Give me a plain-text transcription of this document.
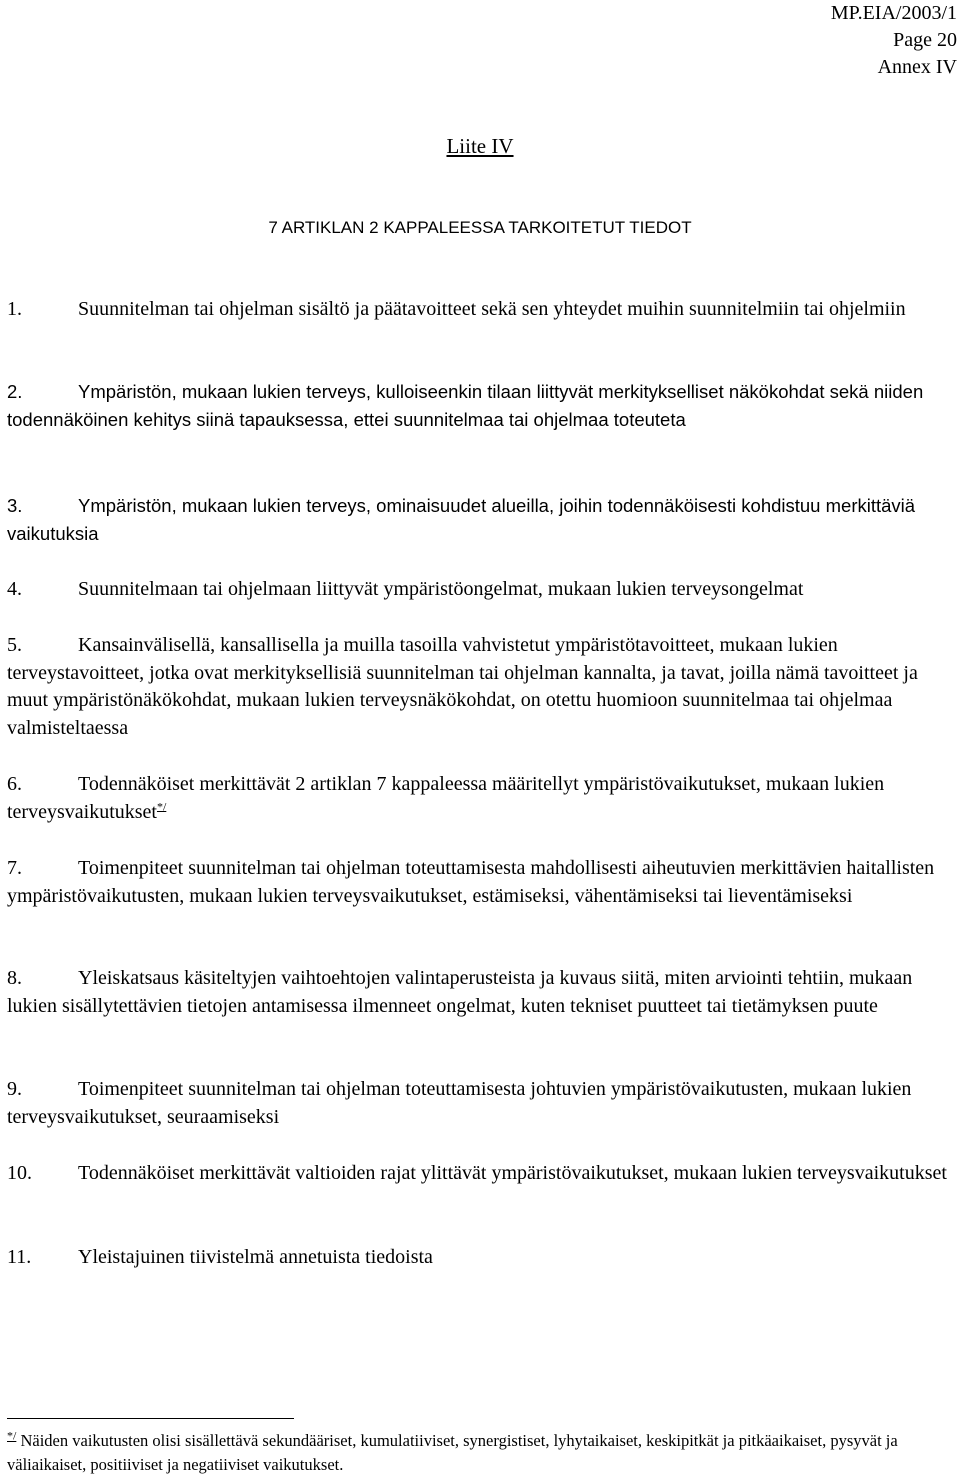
MP.EIA/2003/1
Page 20
Annex IV
Liite IV
7 ARTIKLAN 2 KAPPALEESSA TARKOITETUT TIEDOT
1.	Suunnitelman tai ohjelman sisältö ja päätavoitteet sekä sen yhteydet muihin suunnitelmiin tai ohjelmiin
2.	Ympäristön, mukaan lukien terveys, kulloiseenkin tilaan liittyvät merkitykselliset näkökohdat sekä niiden todennäköinen kehitys siinä tapauksessa, ettei suunnitelmaa tai ohjelmaa toteuteta
3.	Ympäristön, mukaan lukien terveys, ominaisuudet alueilla, joihin todennäköisesti kohdistuu merkittäviä vaikutuksia
4.	Suunnitelmaan tai ohjelmaan liittyvät ympäristöongelmat, mukaan lukien terveysongelmat
5.	Kansainvälisellä, kansallisella ja muilla tasoilla vahvistetut ympäristötavoitteet, mukaan lukien terveystavoitteet, jotka ovat merkityksellisiä suunnitelman tai ohjelman kannalta, ja tavat, joilla nämä tavoitteet ja muut ympäristönäkökohdat, mukaan lukien terveysnäkökohdat, on otettu huomioon suunnitelmaa tai ohjelmaa valmisteltaessa
6.	Todennäköiset merkittävät 2 artiklan 7 kappaleessa määritellyt ympäristövaikutukset, mukaan lukien terveysvaikutukset*/
7.	Toimenpiteet suunnitelman tai ohjelman toteuttamisesta mahdollisesti aiheutuvien merkittävien haitallisten ympäristövaikutusten, mukaan lukien terveysvaikutukset, estämiseksi, vähentämiseksi tai lieventämiseksi
8.	Yleiskatsaus käsiteltyjen vaihtoehtojen valintaperusteista ja kuvaus siitä, miten arviointi tehtiin, mukaan lukien sisällytettävien tietojen antamisessa ilmenneet ongelmat, kuten tekniset puutteet tai tietämyksen puute
9.	Toimenpiteet suunnitelman tai ohjelman toteuttamisesta johtuvien ympäristövaikutusten, mukaan lukien terveysvaikutukset, seuraamiseksi
10. Todennäköiset merkittävät valtioiden rajat ylittävät ympäristövaikutukset, mukaan lukien terveysvaikutukset
11. Yleistajuinen tiivistelmä annetuista tiedoista
*/ Näiden vaikutusten olisi sisällettävä sekundääriset, kumulatiiviset, synergistiset, lyhytaikaiset, keskipitkät ja pitkäaikaiset, pysyvät ja väliaikaiset, positiiviset ja negatiiviset vaikutukset.
